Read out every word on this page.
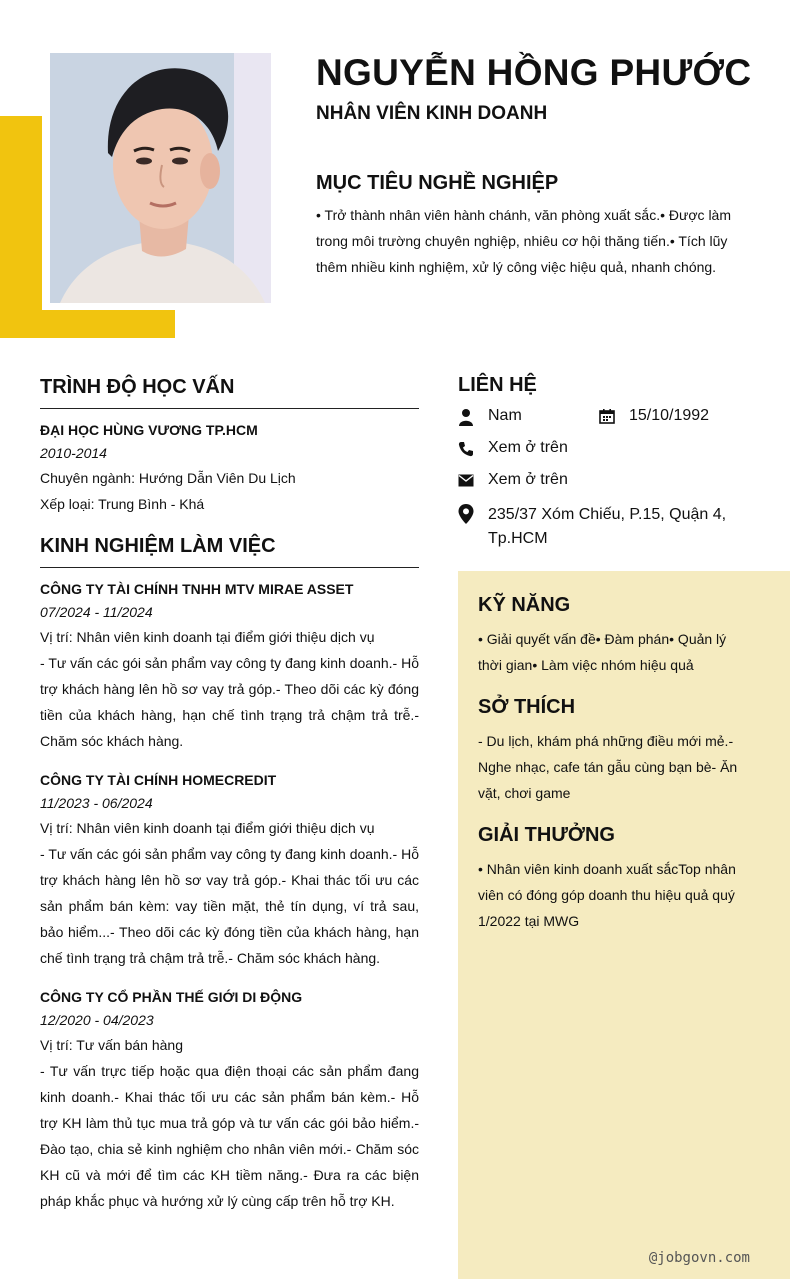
NGUYỄN HỒNG PHƯỚC
NHÂN VIÊN KINH DOANH
MỤC TIÊU NGHỀ NGHIỆP
• Trở thành nhân viên hành chánh, văn phòng xuất sắc.• Được làm trong môi trường chuyên nghiệp, nhiêu cơ hội thăng tiến.• Tích lũy thêm nhiều kinh nghiệm, xử lý công việc hiệu quả, nhanh chóng.
TRÌNH ĐỘ HỌC VẤN
ĐẠI HỌC HÙNG VƯƠNG TP.HCM
2010-2014
Chuyên ngành: Hướng Dẫn Viên Du Lịch
Xếp loại: Trung Bình - Khá
KINH NGHIỆM LÀM VIỆC
CÔNG TY TÀI CHÍNH TNHH MTV MIRAE ASSET
07/2024 - 11/2024
Vị trí: Nhân viên kinh doanh tại điểm giới thiệu dịch vụ
- Tư vấn các gói sản phẩm vay công ty đang kinh doanh.- Hỗ trợ khách hàng lên hồ sơ vay trả góp.- Theo dõi các kỳ đóng tiền của khách hàng, hạn chế tình trạng trả chậm trả trễ.- Chăm sóc khách hàng.
CÔNG TY TÀI CHÍNH HOMECREDIT
11/2023 - 06/2024
Vị trí: Nhân viên kinh doanh tại điểm giới thiệu dịch vụ
- Tư vấn các gói sản phẩm vay công ty đang kinh doanh.- Hỗ trợ khách hàng lên hồ sơ vay trả góp.- Khai thác tối ưu các sản phẩm bán kèm: vay tiền mặt, thẻ tín dụng, ví trả sau, bảo hiểm...- Theo dõi các kỳ đóng tiền của khách hàng, hạn chế tình trạng trả chậm trả trễ.- Chăm sóc khách hàng.
CÔNG TY CỔ PHẦN THẾ GIỚI DI ĐỘNG
12/2020 - 04/2023
Vị trí: Tư vấn bán hàng
- Tư vấn trực tiếp hoặc qua điện thoại các sản phẩm đang kinh doanh.- Khai thác tối ưu các sản phẩm bán kèm.- Hỗ trợ KH làm thủ tục mua trả góp và tư vấn các gói bảo hiểm.- Đào tạo, chia sẻ kinh nghiệm cho nhân viên mới.- Chăm sóc KH cũ và mới để tìm các KH tiềm năng.- Đưa ra các biện pháp khắc phục và hướng xử lý cùng cấp trên hỗ trợ KH.
LIÊN HỆ
Nam	15/10/1992
Xem ở trên
Xem ở trên
235/37 Xóm Chiếu, P.15, Quận 4, Tp.HCM
KỸ NĂNG
• Giải quyết vấn đề• Đàm phán• Quản lý thời gian• Làm việc nhóm hiệu quả
SỞ THÍCH
- Du lịch, khám phá những điều mới mẻ.- Nghe nhạc, cafe tán gẫu cùng bạn bè- Ăn vặt, chơi game
GIẢI THƯỞNG
• Nhân viên kinh doanh xuất sắcTop nhân viên có đóng góp doanh thu hiệu quả quý 1/2022 tại MWG
@jobgovn.com
